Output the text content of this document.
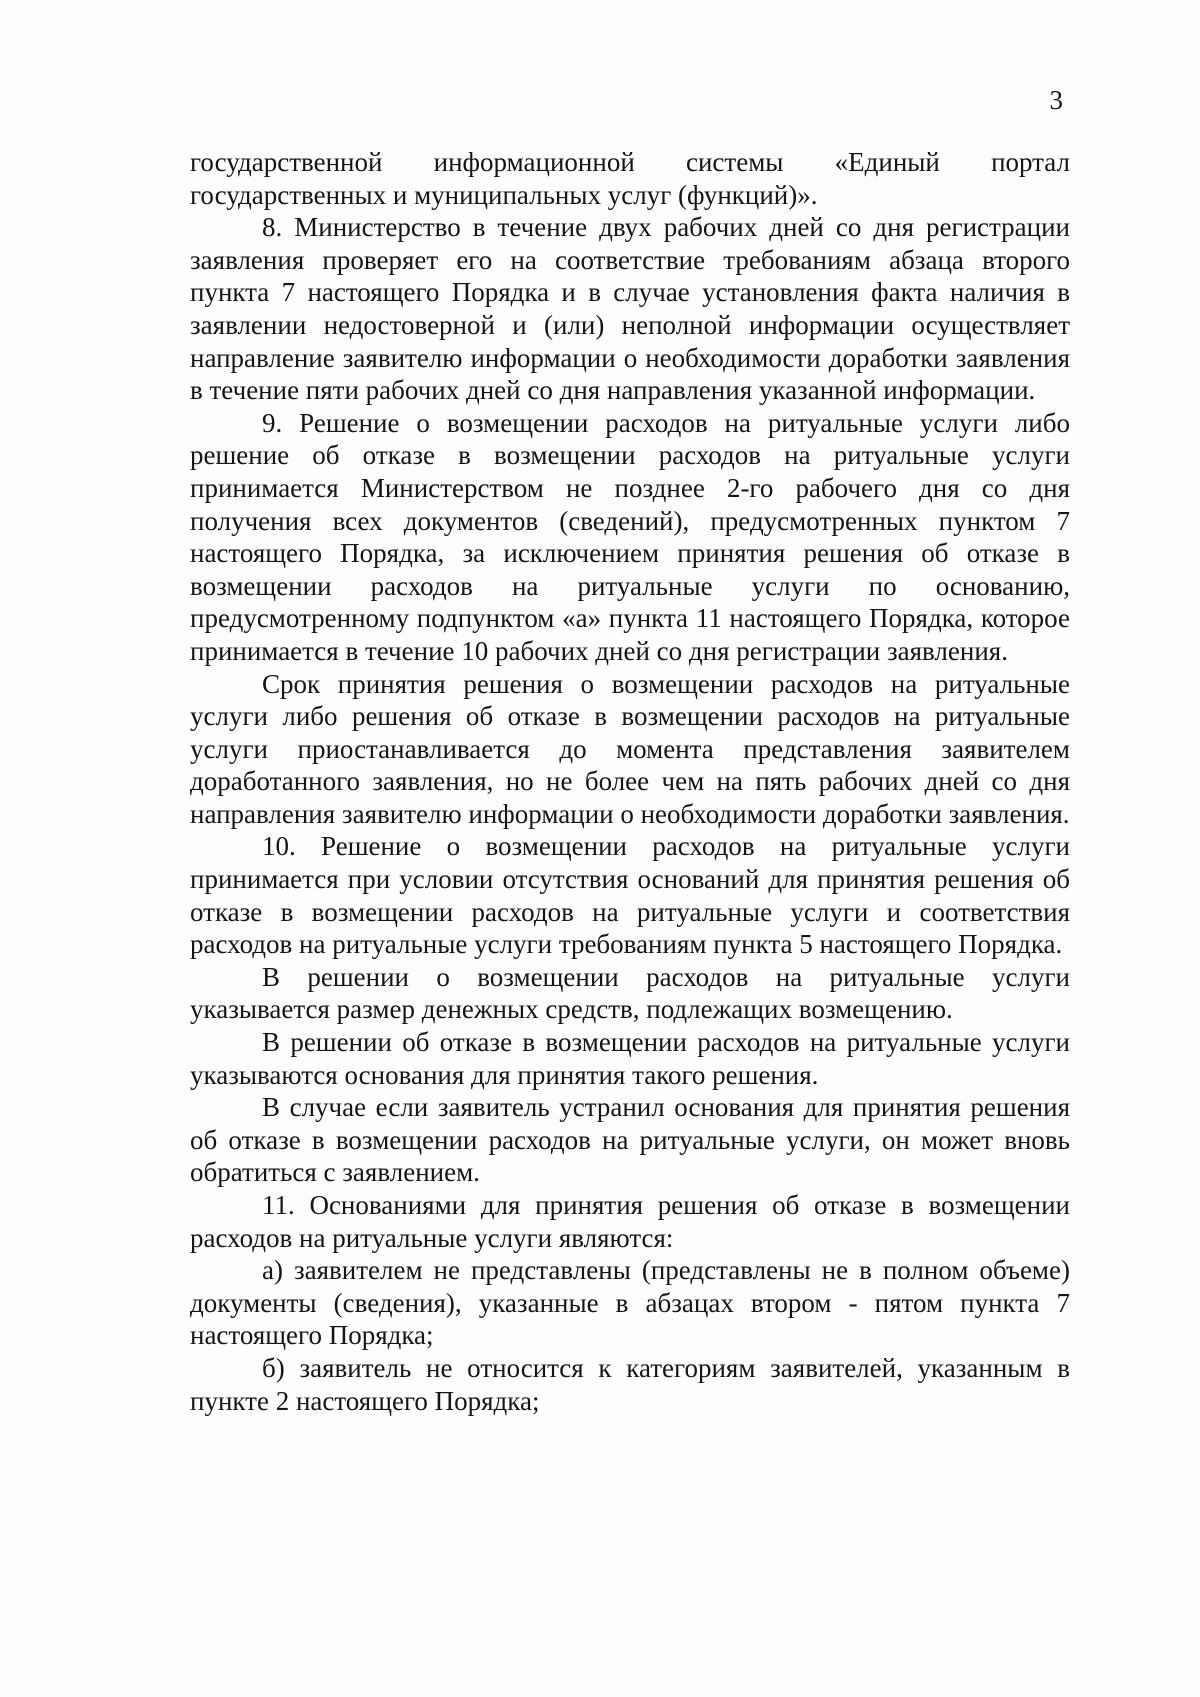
3

государственной информационной системы «Единый портал государственных и муниципальных услуг (функций)».

8. Министерство в течение двух рабочих дней со дня регистрации заявления проверяет его на соответствие требованиям абзаца второго пункта 7 настоящего Порядка и в случае установления факта наличия в заявлении недостоверной и (или) неполной информации осуществляет направление заявителю информации о необходимости доработки заявления в течение пяти рабочих дней со дня направления указанной информации.

9. Решение о возмещении расходов на ритуальные услуги либо решение об отказе в возмещении расходов на ритуальные услуги принимается Министерством не позднее 2-го рабочего дня со дня получения всех документов (сведений), предусмотренных пунктом 7 настоящего Порядка, за исключением принятия решения об отказе в возмещении расходов на ритуальные услуги по основанию, предусмотренному подпунктом «а» пункта 11 настоящего Порядка, которое принимается в течение 10 рабочих дней со дня регистрации заявления.

Срок принятия решения о возмещении расходов на ритуальные услуги либо решения об отказе в возмещении расходов на ритуальные услуги приостанавливается до момента представления заявителем доработанного заявления, но не более чем на пять рабочих дней со дня направления заявителю информации о необходимости доработки заявления.

10. Решение о возмещении расходов на ритуальные услуги принимается при условии отсутствия оснований для принятия решения об отказе в возмещении расходов на ритуальные услуги и соответствия расходов на ритуальные услуги требованиям пункта 5 настоящего Порядка.

В решении о возмещении расходов на ритуальные услуги указывается размер денежных средств, подлежащих возмещению.

В решении об отказе в возмещении расходов на ритуальные услуги указываются основания для принятия такого решения.

В случае если заявитель устранил основания для принятия решения об отказе в возмещении расходов на ритуальные услуги, он может вновь обратиться с заявлением.

11. Основаниями для принятия решения об отказе в возмещении расходов на ритуальные услуги являются:

а) заявителем не представлены (представлены не в полном объеме) документы (сведения), указанные в абзацах втором - пятом пункта 7 настоящего Порядка;

б) заявитель не относится к категориям заявителей, указанным в пункте 2 настоящего Порядка;
